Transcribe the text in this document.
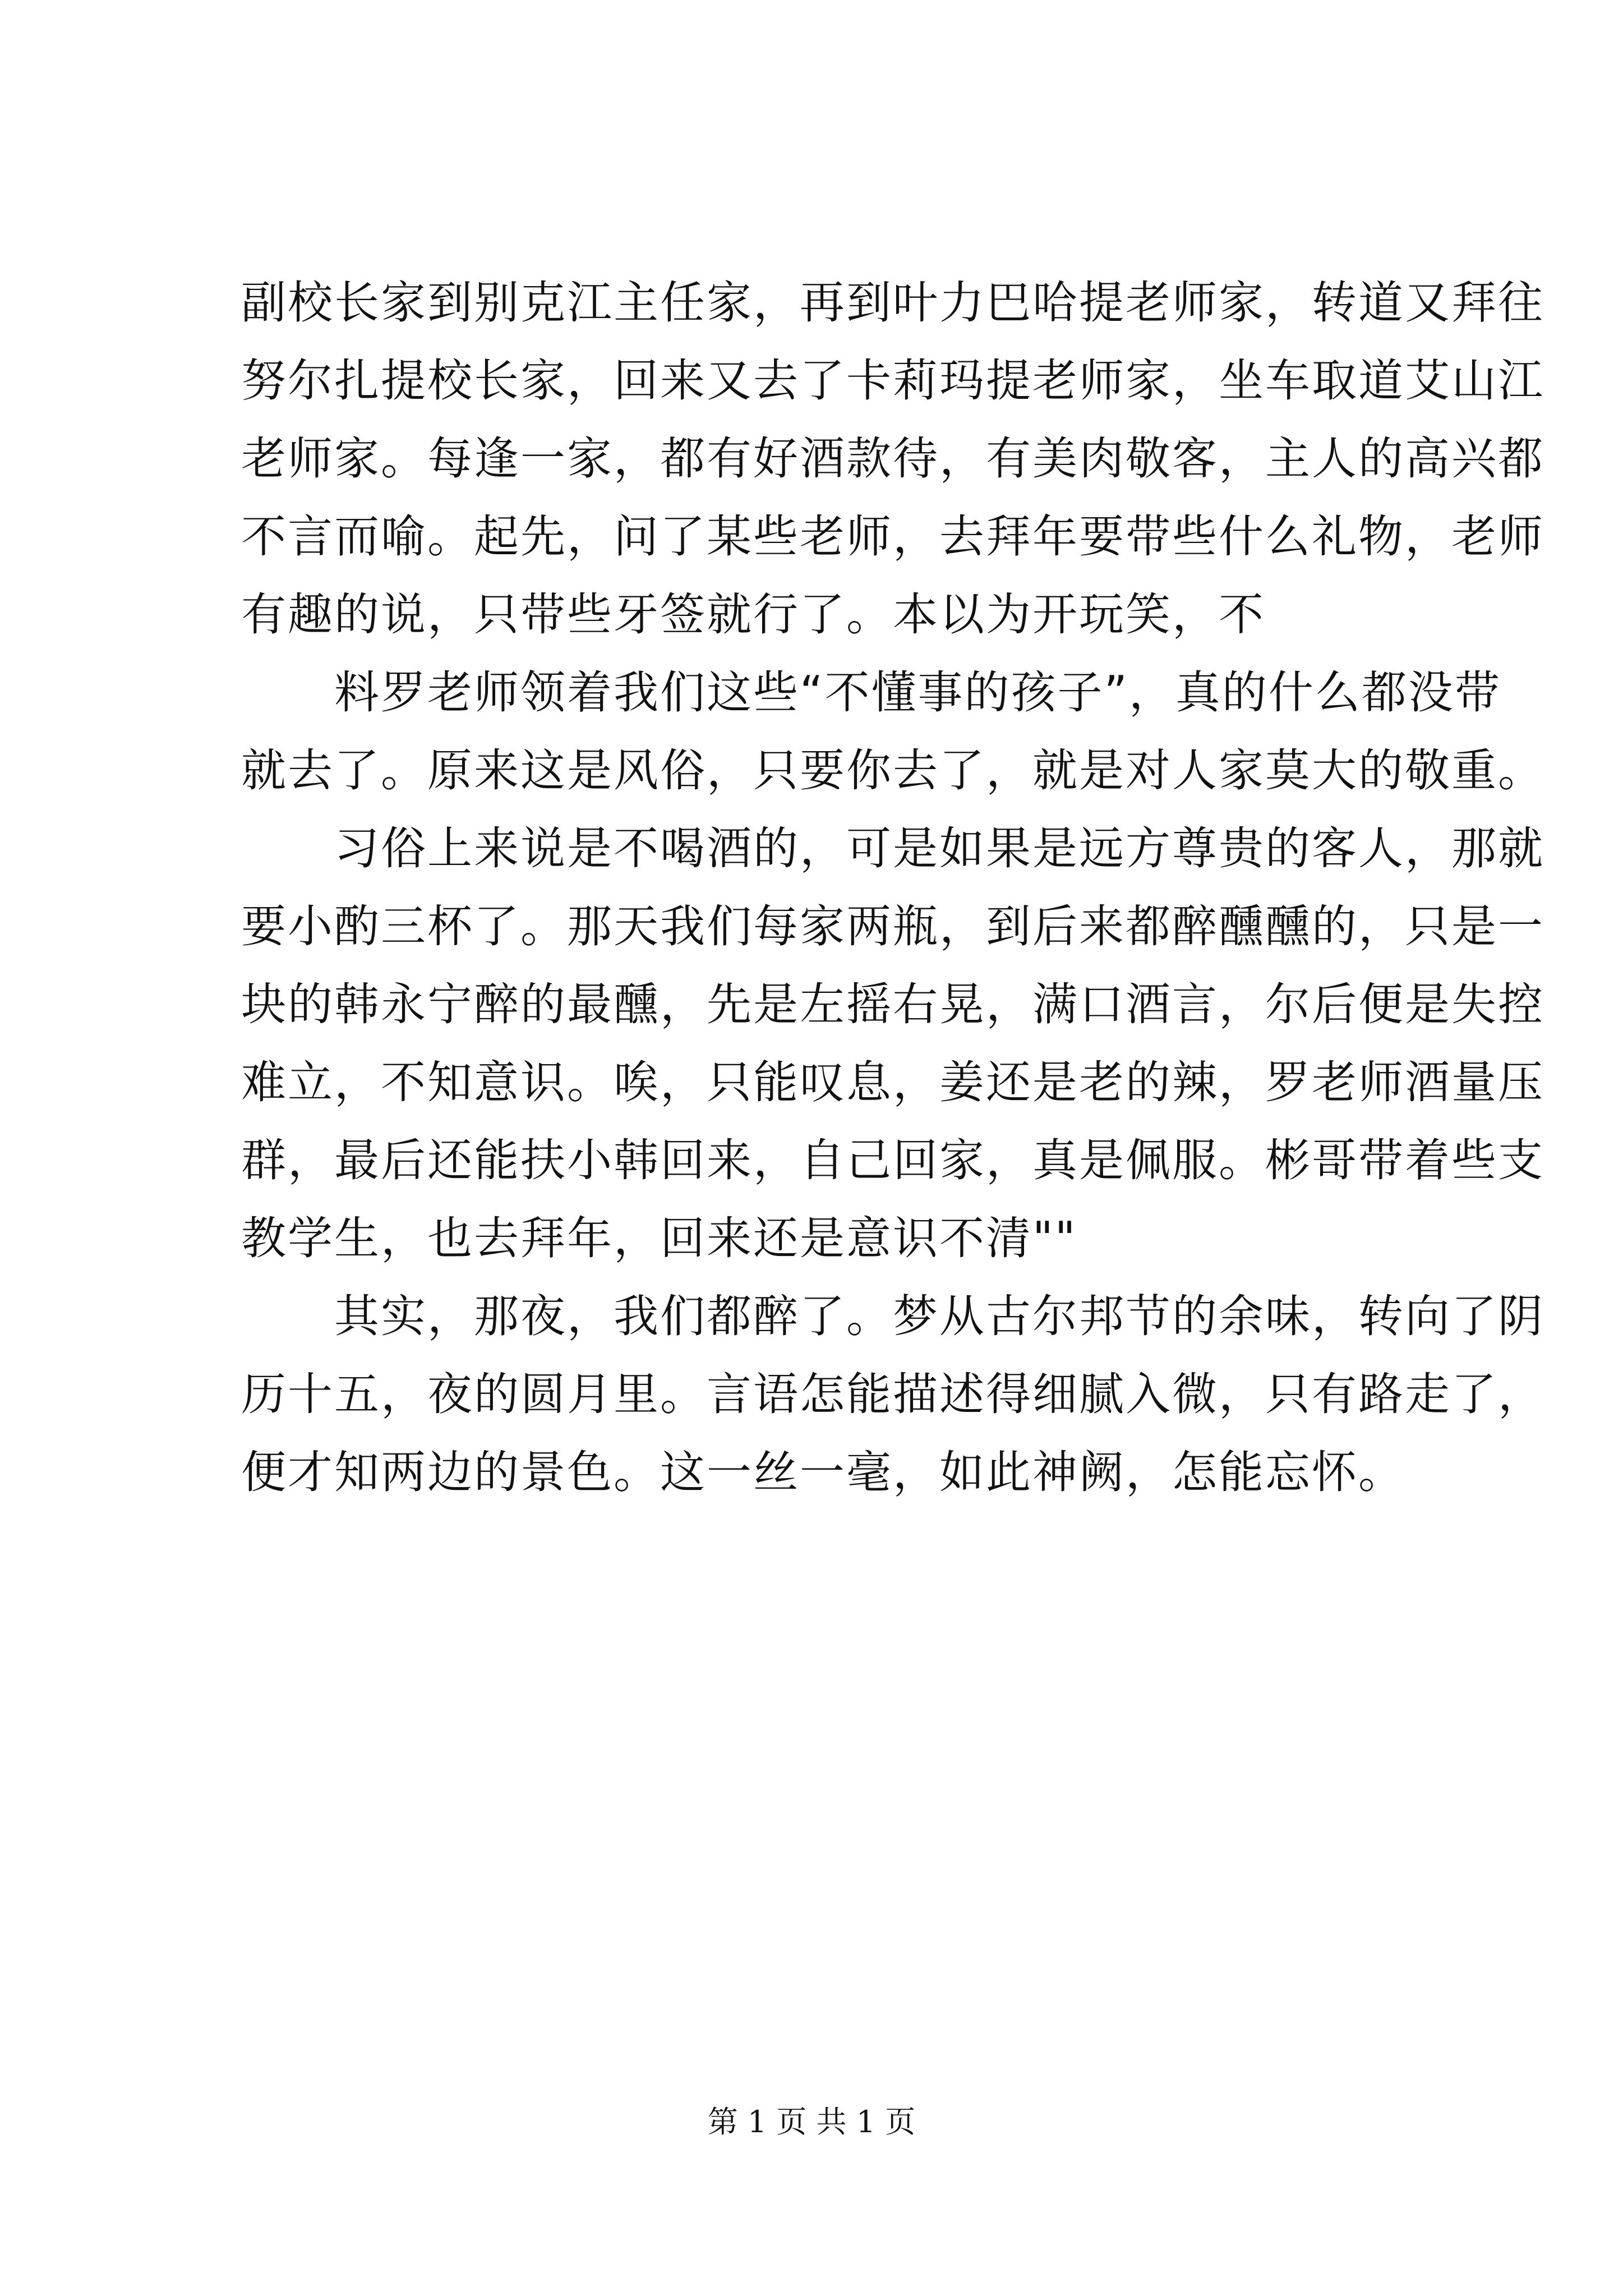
副校长家到别克江主任家，再到叶力巴哈提老师家，转道又拜往
努尔扎提校长家，回来又去了卡莉玛提老师家，坐车取道艾山江
老师家。每逢一家，都有好酒款待，有美肉敬客，主人的高兴都
不言而喻。起先，问了某些老师，去拜年要带些什么礼物，老师
有趣的说，只带些牙签就行了。本以为开玩笑，不
　　料罗老师领着我们这些“不懂事的孩子”，真的什么都没带
就去了。原来这是风俗，只要你去了，就是对人家莫大的敬重。
　　习俗上来说是不喝酒的，可是如果是远方尊贵的客人，那就
要小酌三杯了。那天我们每家两瓶，到后来都醉醺醺的，只是一
块的韩永宁醉的最醺，先是左摇右晃，满口酒言，尔后便是失控
难立，不知意识。唉，只能叹息，姜还是老的辣，罗老师酒量压
群，最后还能扶小韩回来，自己回家，真是佩服。彬哥带着些支
教学生，也去拜年，回来还是意识不清""
　　其实，那夜，我们都醉了。梦从古尔邦节的余味，转向了阴
历十五，夜的圆月里。言语怎能描述得细腻入微，只有路走了，
便才知两边的景色。这一丝一毫，如此神阙，怎能忘怀。
第 1 页 共 1 页
